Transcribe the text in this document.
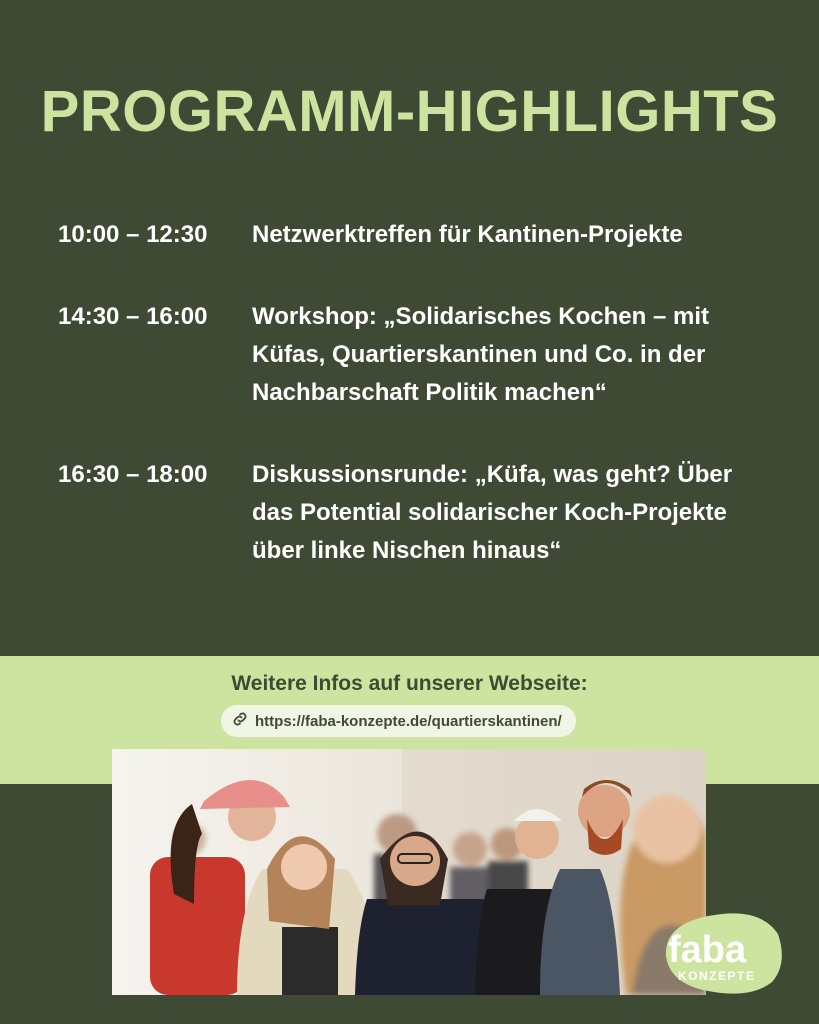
PROGRAMM-HIGHLIGHTS
10:00 – 12:30	Netzwerktreffen für Kantinen-Projekte
14:30 – 16:00	Workshop: „Solidarisches Kochen – mit Küfas, Quartierskantinen und Co. in der Nachbarschaft Politik machen“
16:30 – 18:00	Diskussionsrunde: „Küfa, was geht? Über das Potential solidarischer Koch-Projekte über linke Nischen hinaus“
Weitere Infos auf unserer Webseite:
https://faba-konzepte.de/quartierskantinen/
faba
KONZEPTE
